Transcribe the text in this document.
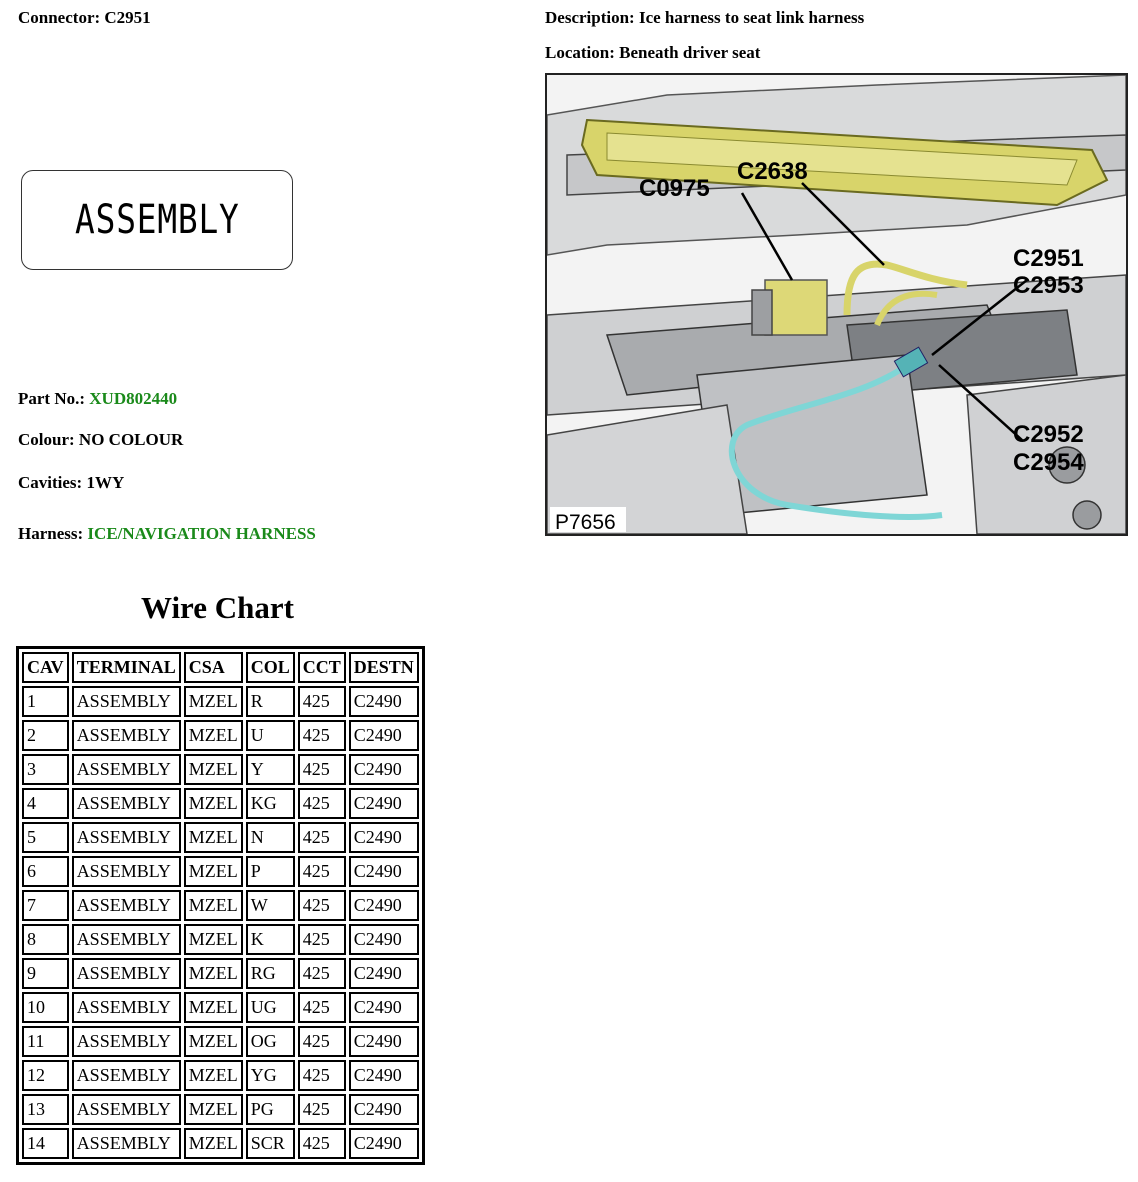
Connector: C2951	Description: Ice harness to seat link harness
Location: Beneath driver seat
ASSEMBLY
Part No.: XUD802440
Colour: NO COLOUR
Cavities: 1WY
Harness: ICE/NAVIGATION HARNESS
C2638
C0975
C2951
C2953
C2952
C2954
P7656
Wire Chart
CAV	TERMINAL	CSA	COL	CCT	DESTN
1	ASSEMBLY	MZEL	R	425	C2490
2	ASSEMBLY	MZEL	U	425	C2490
3	ASSEMBLY	MZEL	Y	425	C2490
4	ASSEMBLY	MZEL	KG	425	C2490
5	ASSEMBLY	MZEL	N	425	C2490
6	ASSEMBLY	MZEL	P	425	C2490
7	ASSEMBLY	MZEL	W	425	C2490
8	ASSEMBLY	MZEL	K	425	C2490
9	ASSEMBLY	MZEL	RG	425	C2490
10	ASSEMBLY	MZEL	UG	425	C2490
11	ASSEMBLY	MZEL	OG	425	C2490
12	ASSEMBLY	MZEL	YG	425	C2490
13	ASSEMBLY	MZEL	PG	425	C2490
14	ASSEMBLY	MZEL	SCR	425	C2490
